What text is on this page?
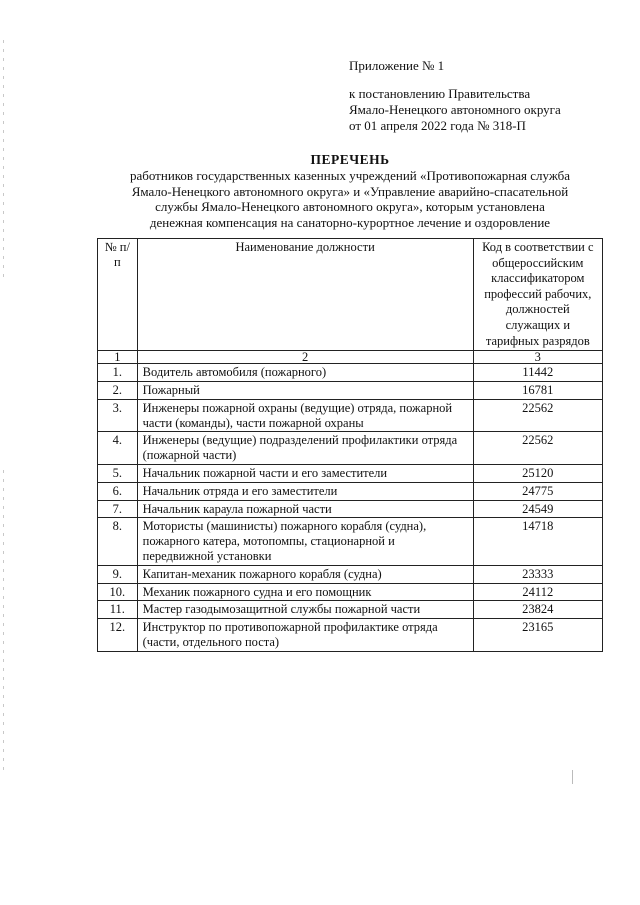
Приложение № 1
к постановлению Правительства
Ямало-Ненецкого автономного округа
от 01 апреля 2022 года № 318-П
ПЕРЕЧЕНЬ
работников государственных казенных учреждений «Противопожарная служба
Ямало-Ненецкого автономного округа» и «Управление аварийно-спасательной
службы Ямало-Ненецкого автономного округа», которым установлена
денежная компенсация на санаторно-курортное лечение и оздоровление
№ п/п	Наименование должности	Код в соответствии с общероссийским классификатором профессий рабочих, должностей служащих и тарифных разрядов
1	2	3
1.	Водитель автомобиля (пожарного)	11442
2.	Пожарный	16781
3.	Инженеры пожарной охраны (ведущие) отряда, пожарной части (команды), части пожарной охраны	22562
4.	Инженеры (ведущие) подразделений профилактики отряда (пожарной части)	22562
5.	Начальник пожарной части и его заместители	25120
6.	Начальник отряда и его заместители	24775
7.	Начальник караула пожарной части	24549
8.	Мотористы (машинисты) пожарного корабля (судна), пожарного катера, мотопомпы, стационарной и передвижной установки	14718
9.	Капитан-механик пожарного корабля (судна)	23333
10.	Механик пожарного судна и его помощник	24112
11.	Мастер газодымозащитной службы пожарной части	23824
12.	Инструктор по противопожарной профилактике отряда (части, отдельного поста)	23165
